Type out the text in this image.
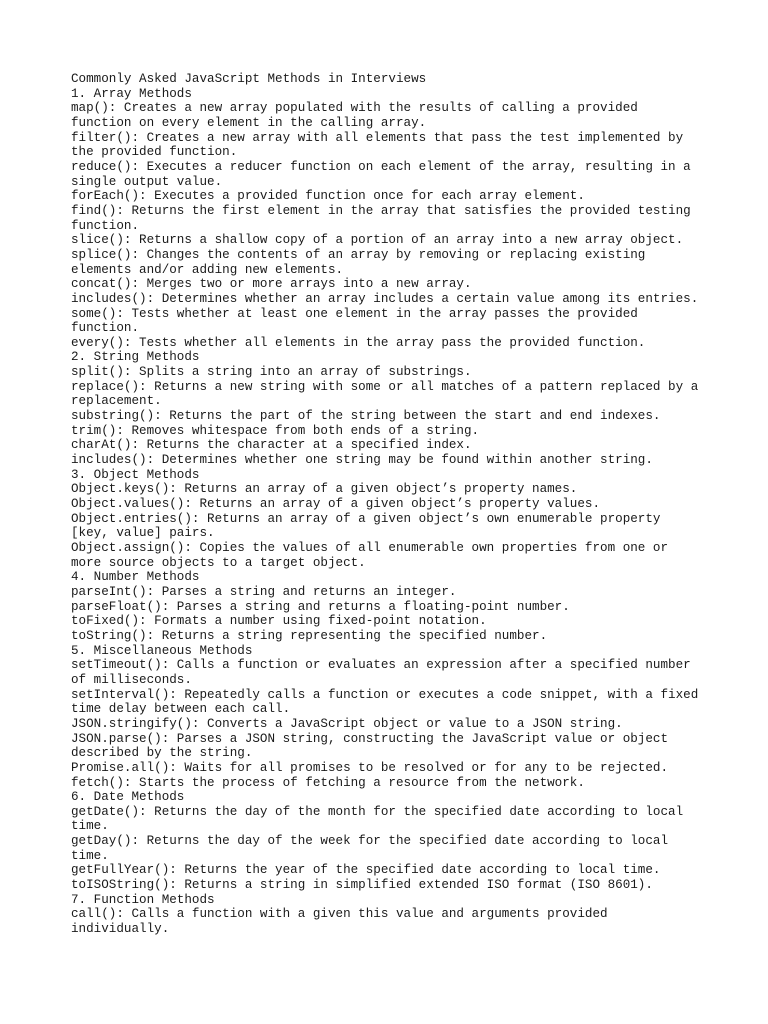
Commonly Asked JavaScript Methods in Interviews
1. Array Methods
map(): Creates a new array populated with the results of calling a provided
function on every element in the calling array.
filter(): Creates a new array with all elements that pass the test implemented by
the provided function.
reduce(): Executes a reducer function on each element of the array, resulting in a
single output value.
forEach(): Executes a provided function once for each array element.
find(): Returns the first element in the array that satisfies the provided testing
function.
slice(): Returns a shallow copy of a portion of an array into a new array object.
splice(): Changes the contents of an array by removing or replacing existing
elements and/or adding new elements.
concat(): Merges two or more arrays into a new array.
includes(): Determines whether an array includes a certain value among its entries.
some(): Tests whether at least one element in the array passes the provided
function.
every(): Tests whether all elements in the array pass the provided function.
2. String Methods
split(): Splits a string into an array of substrings.
replace(): Returns a new string with some or all matches of a pattern replaced by a
replacement.
substring(): Returns the part of the string between the start and end indexes.
trim(): Removes whitespace from both ends of a string.
charAt(): Returns the character at a specified index.
includes(): Determines whether one string may be found within another string.
3. Object Methods
Object.keys(): Returns an array of a given object’s property names.
Object.values(): Returns an array of a given object’s property values.
Object.entries(): Returns an array of a given object’s own enumerable property
[key, value] pairs.
Object.assign(): Copies the values of all enumerable own properties from one or
more source objects to a target object.
4. Number Methods
parseInt(): Parses a string and returns an integer.
parseFloat(): Parses a string and returns a floating-point number.
toFixed(): Formats a number using fixed-point notation.
toString(): Returns a string representing the specified number.
5. Miscellaneous Methods
setTimeout(): Calls a function or evaluates an expression after a specified number
of milliseconds.
setInterval(): Repeatedly calls a function or executes a code snippet, with a fixed
time delay between each call.
JSON.stringify(): Converts a JavaScript object or value to a JSON string.
JSON.parse(): Parses a JSON string, constructing the JavaScript value or object
described by the string.
Promise.all(): Waits for all promises to be resolved or for any to be rejected.
fetch(): Starts the process of fetching a resource from the network.
6. Date Methods
getDate(): Returns the day of the month for the specified date according to local
time.
getDay(): Returns the day of the week for the specified date according to local
time.
getFullYear(): Returns the year of the specified date according to local time.
toISOString(): Returns a string in simplified extended ISO format (ISO 8601).
7. Function Methods
call(): Calls a function with a given this value and arguments provided
individually.
